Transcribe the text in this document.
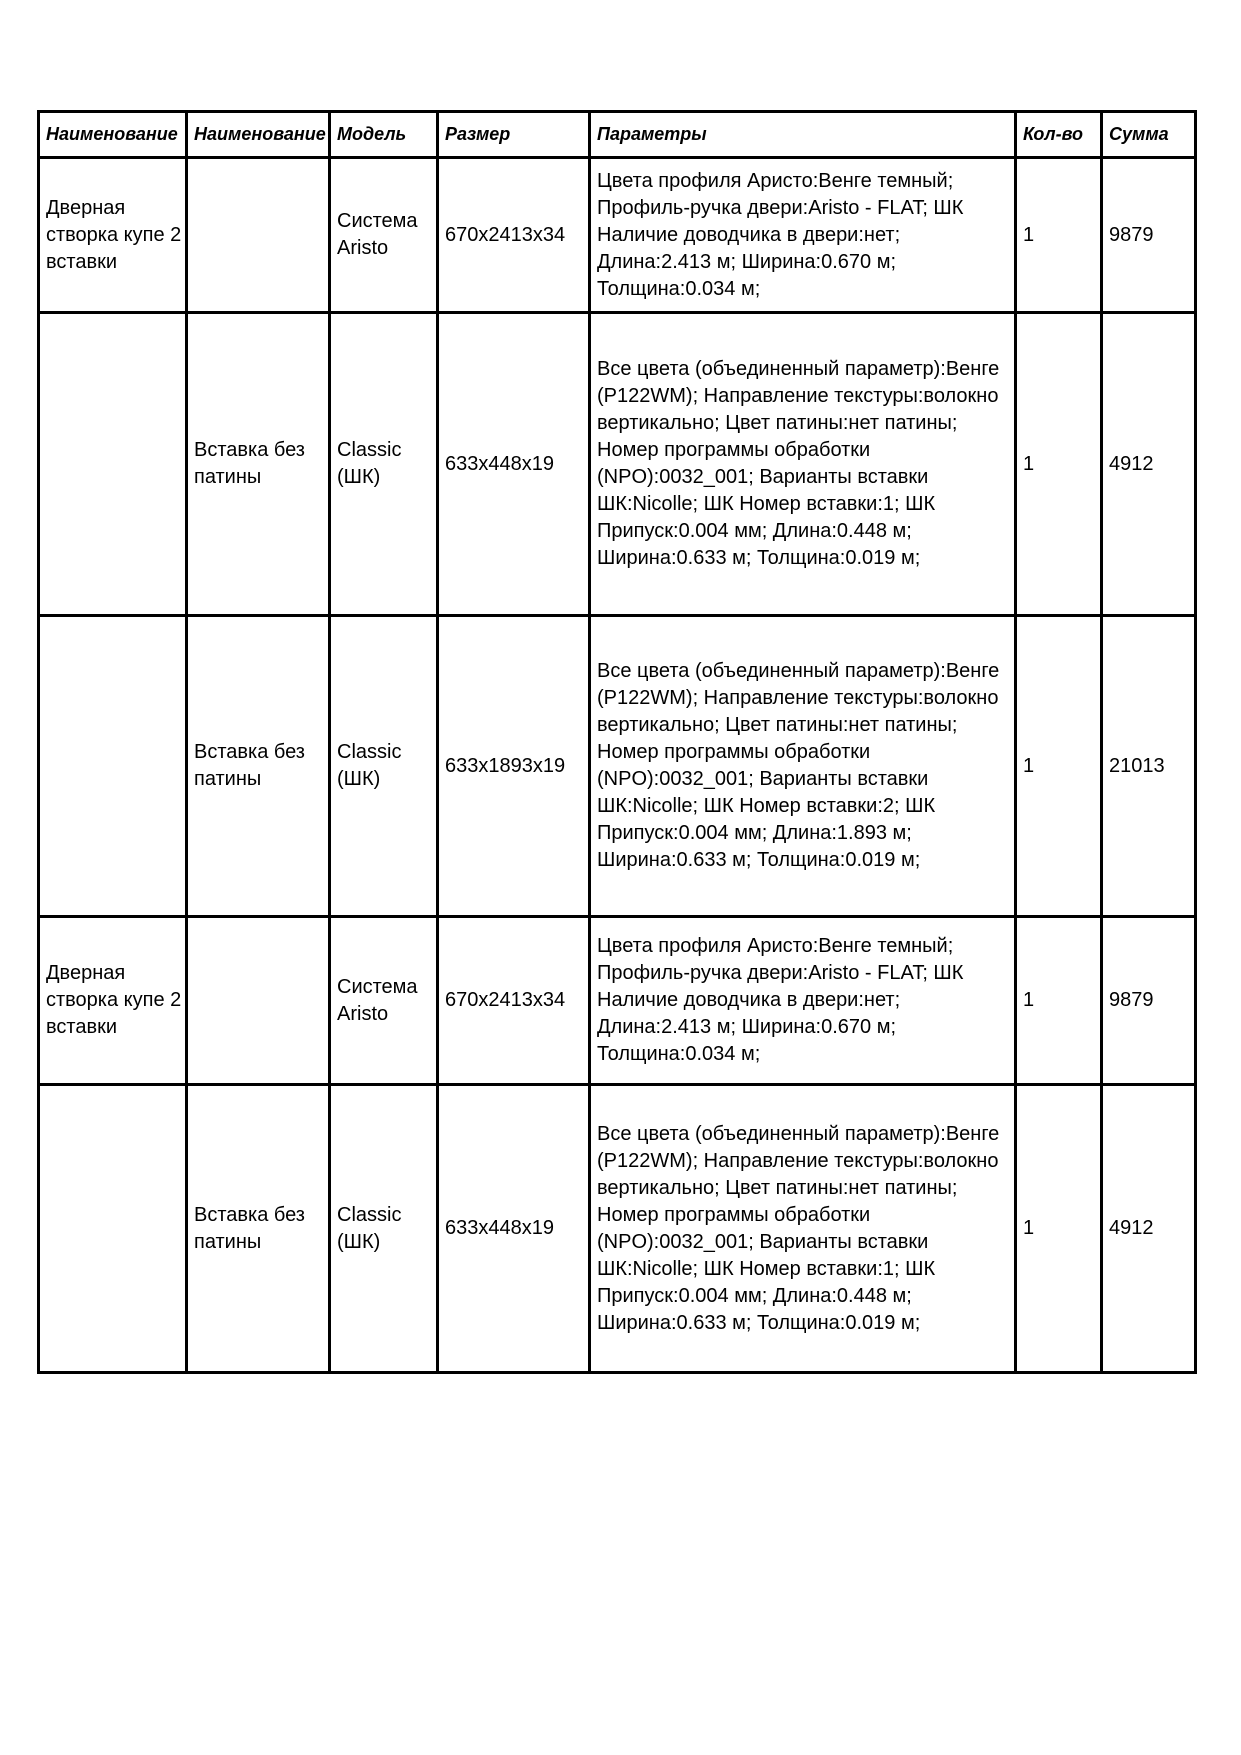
Наименование	Наименование	Модель	Размер	Параметры	Кол-во	Сумма
Дверная створка купе 2 вставки		Система Aristo	670x2413x34	Цвета профиля Аристо:Венге темный; Профиль-ручка двери:Aristo - FLAT; ШК Наличие доводчика в двери:нет; Длина:2.413 м; Ширина:0.670 м; Толщина:0.034 м;	1	9879
	Вставка без патины	Classic (ШК)	633x448x19	Все цвета (объединенный параметр):Венге (P122WM); Направление текстуры:волокно вертикально; Цвет патины:нет патины; Номер программы обработки (NPO):0032_001; Варианты вставки ШК:Nicolle; ШК Номер вставки:1; ШК Припуск:0.004 мм; Длина:0.448 м; Ширина:0.633 м; Толщина:0.019 м;	1	4912
	Вставка без патины	Classic (ШК)	633x1893x19	Все цвета (объединенный параметр):Венге (P122WM); Направление текстуры:волокно вертикально; Цвет патины:нет патины; Номер программы обработки (NPO):0032_001; Варианты вставки ШК:Nicolle; ШК Номер вставки:2; ШК Припуск:0.004 мм; Длина:1.893 м; Ширина:0.633 м; Толщина:0.019 м;	1	21013
Дверная створка купе 2 вставки		Система Aristo	670x2413x34	Цвета профиля Аристо:Венге темный; Профиль-ручка двери:Aristo - FLAT; ШК Наличие доводчика в двери:нет; Длина:2.413 м; Ширина:0.670 м; Толщина:0.034 м;	1	9879
	Вставка без патины	Classic (ШК)	633x448x19	Все цвета (объединенный параметр):Венге (P122WM); Направление текстуры:волокно вертикально; Цвет патины:нет патины; Номер программы обработки (NPO):0032_001; Варианты вставки ШК:Nicolle; ШК Номер вставки:1; ШК Припуск:0.004 мм; Длина:0.448 м; Ширина:0.633 м; Толщина:0.019 м;	1	4912
